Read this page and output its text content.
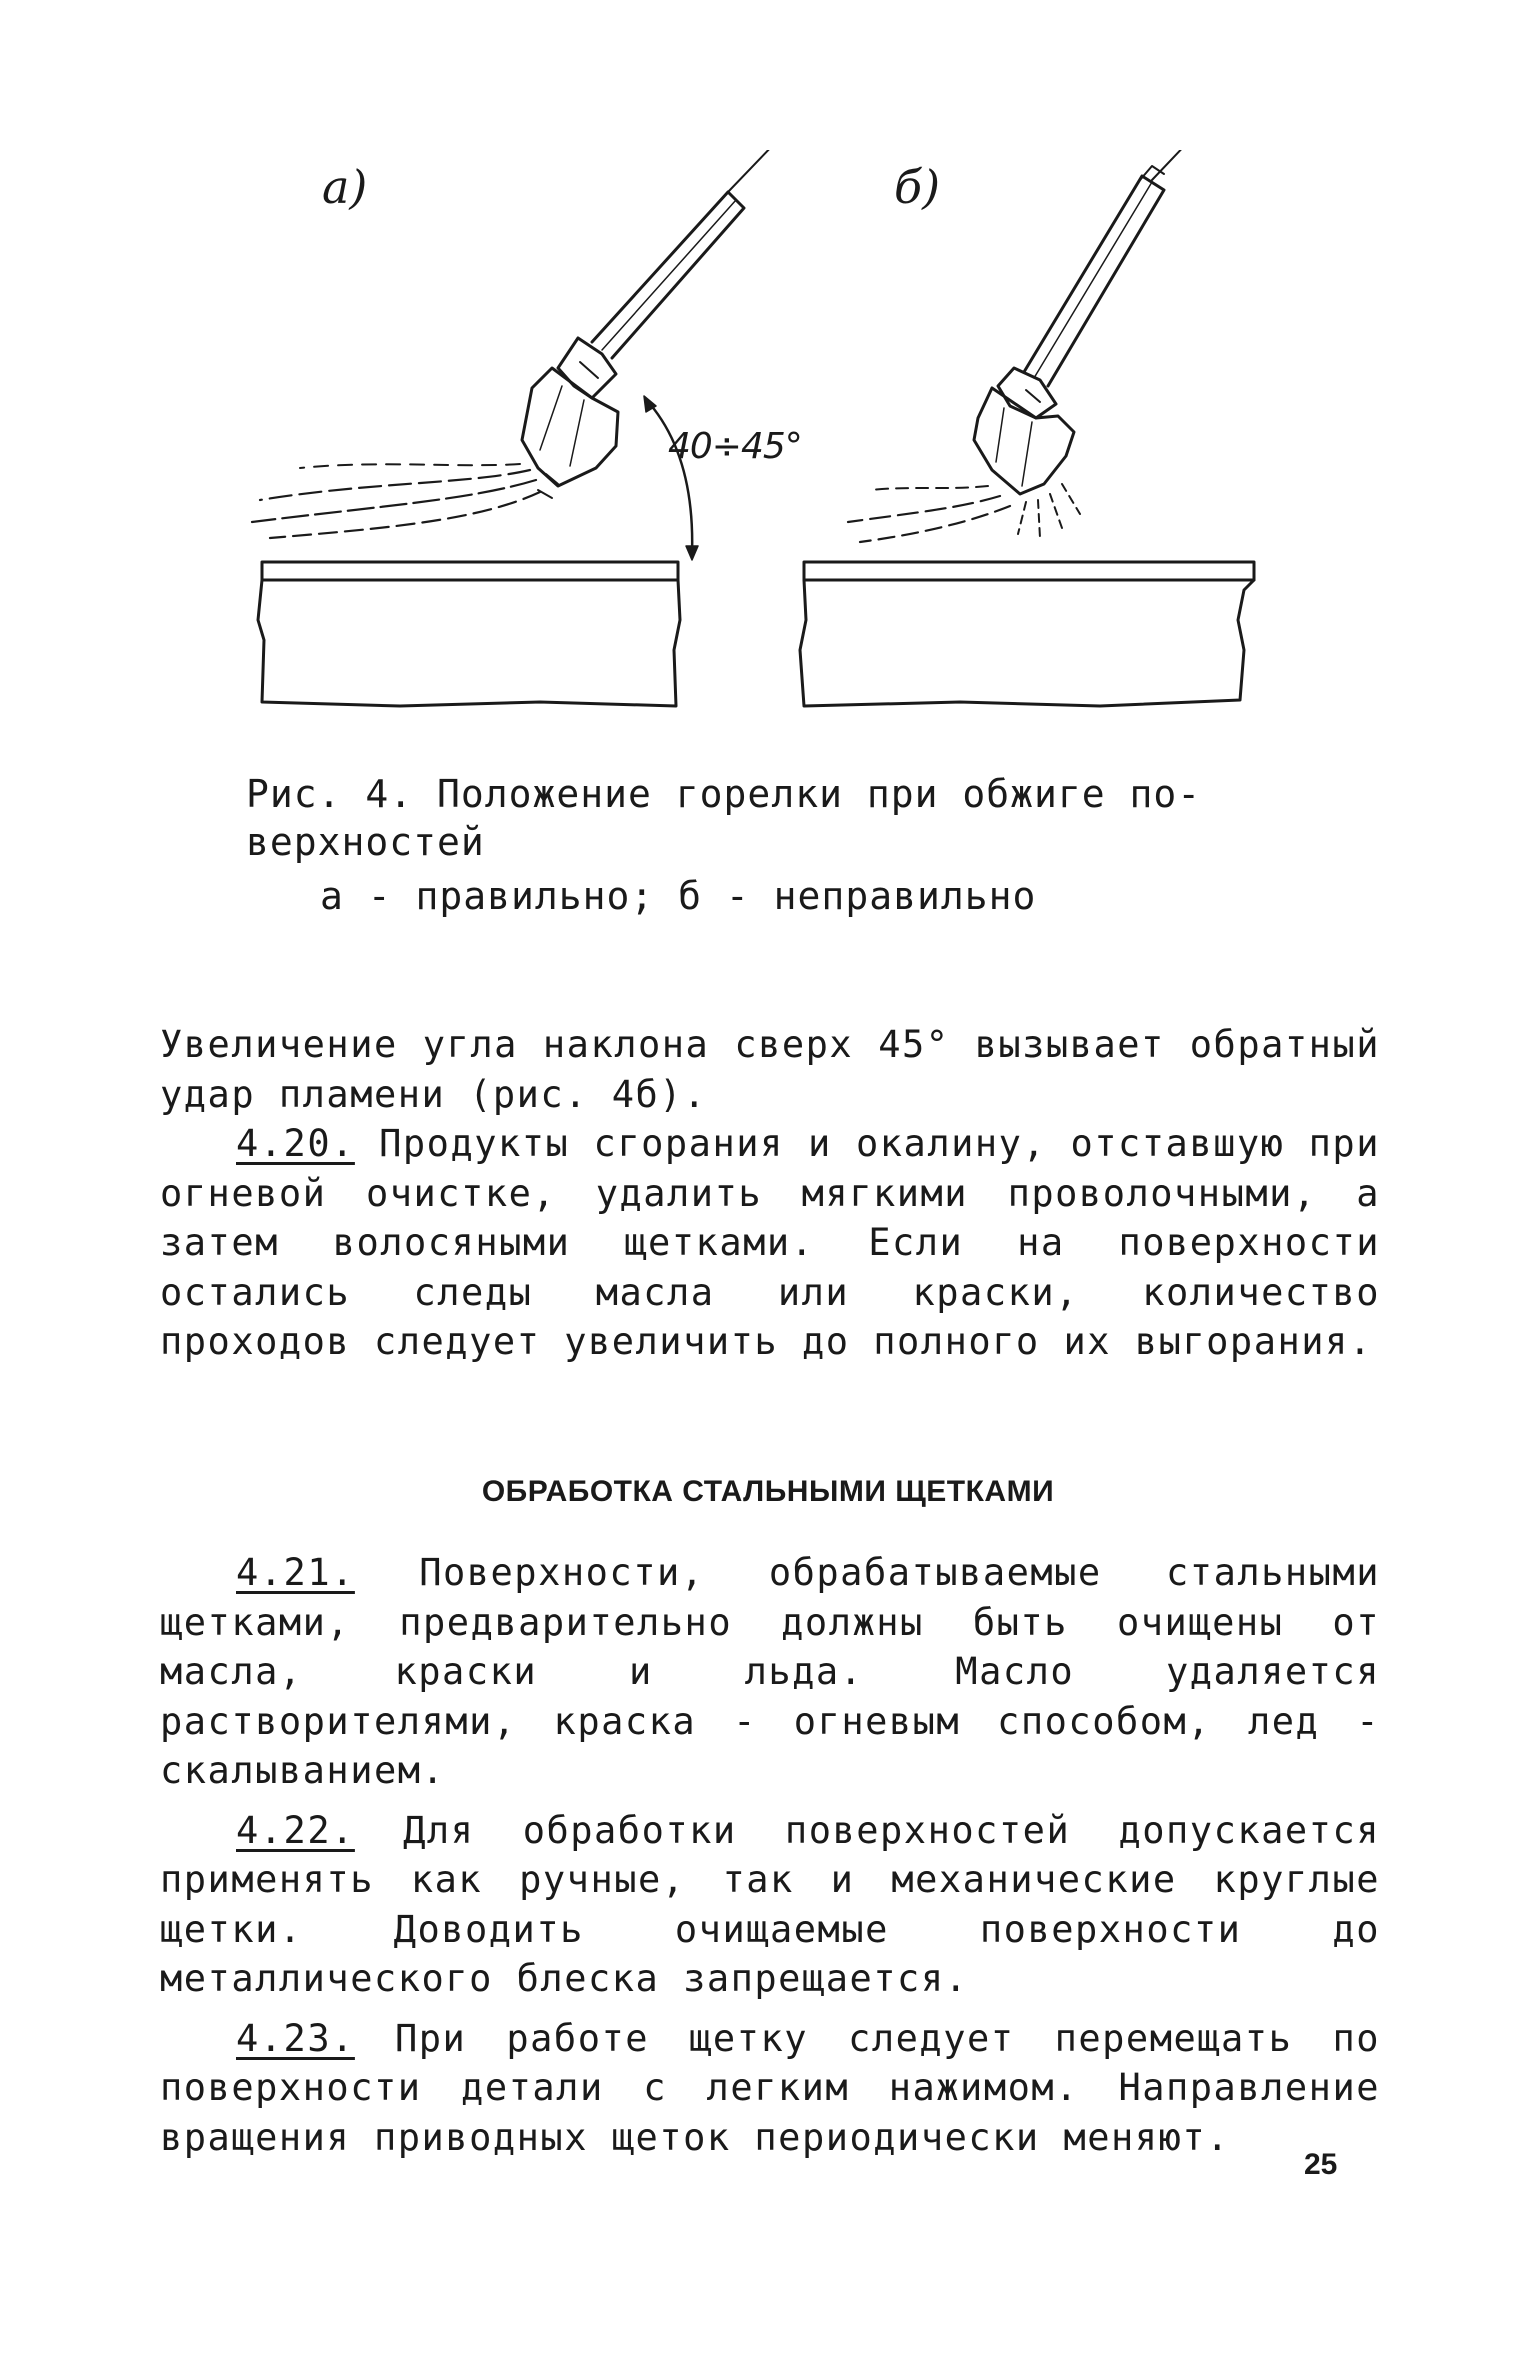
а)	б)
40÷45°
Рис. 4. Положение горелки при обжиге по-верхностей
а - правильно; б - неправильно
Увеличение угла наклона сверх 45° вызывает обратный удар пламени (рис. 4б).
4.20. Продукты сгорания и окалину, отставшую при огневой очистке, удалить мягкими проволочными, а затем волосяными щетками. Если на поверхности остались следы масла или краски, количество проходов следует увеличить до полного их выгорания.
ОБРАБОТКА СТАЛЬНЫМИ ЩЕТКАМИ
4.21. Поверхности, обрабатываемые стальными щетками, предварительно должны быть очищены от масла, краски и льда. Масло удаляется растворителями, краска - огневым способом, лед - скалыванием.
4.22. Для обработки поверхностей допускается применять как ручные, так и механические круглые щетки. Доводить очищаемые поверхности до металлического блеска запрещается.
4.23. При работе щетку следует перемещать по поверхности детали с легким нажимом. Направление вращения приводных щеток периодически меняют.
25
